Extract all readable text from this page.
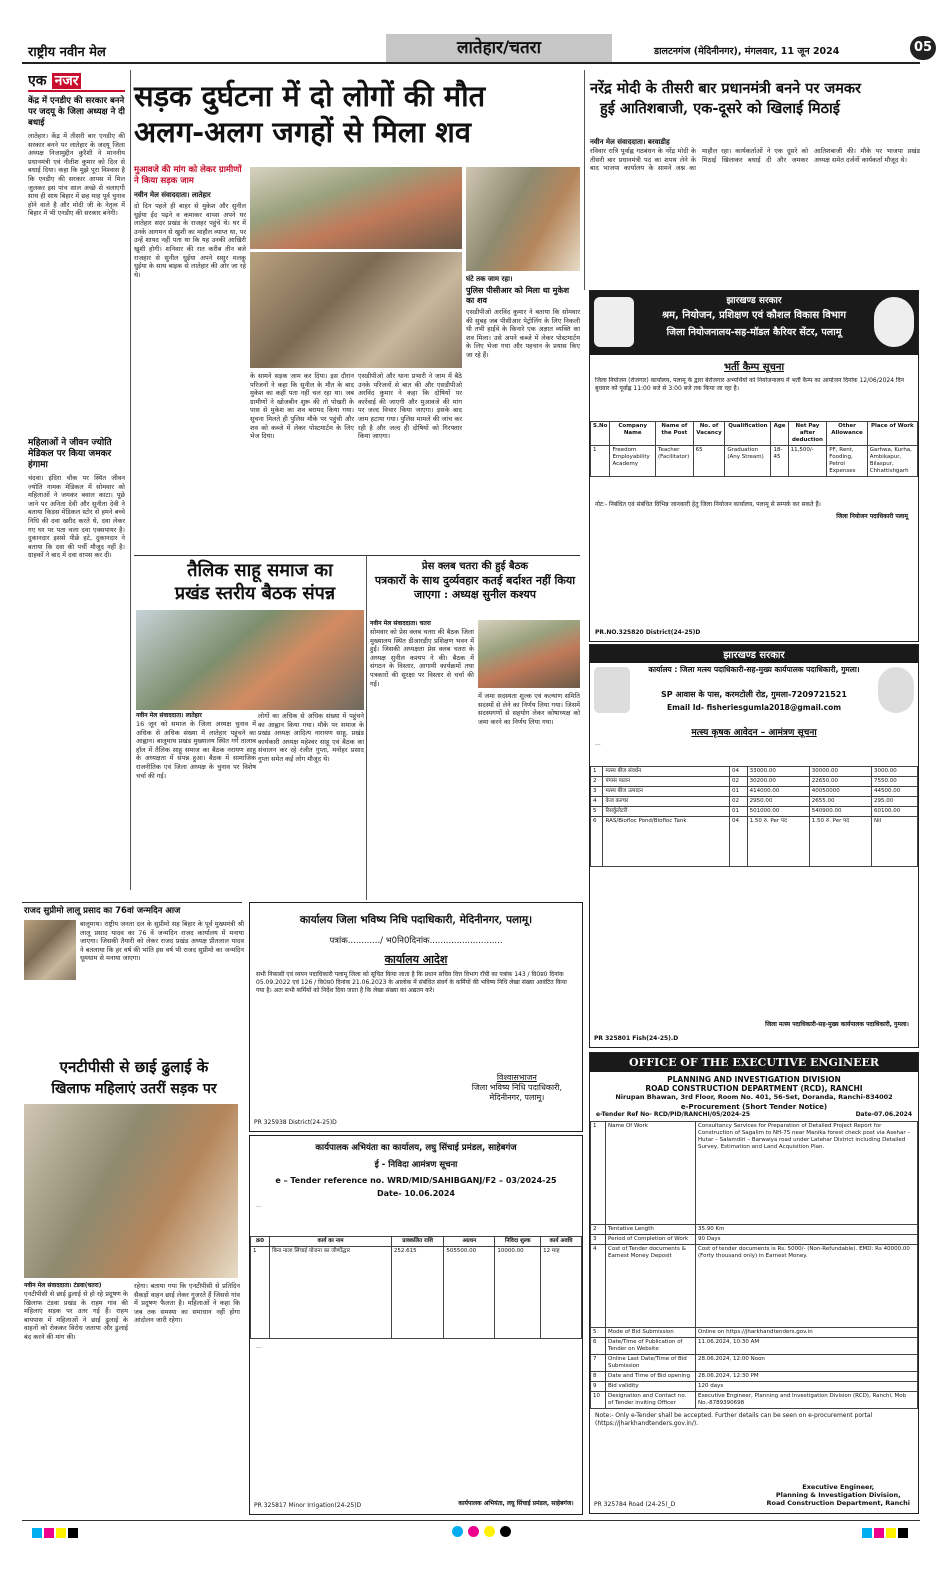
राष्ट्रीय नवीन मेल	लातेहार/चतरा	डालटनगंज (मेदिनीनगर), मंगलवार, 11 जून 2024	05
एक नजर
केंद्र में एनडीए की सरकार बनने पर जदयू के जिला अध्यक्ष ने दी बधाई
लातेहार। केंद्र में तीसरी बार एनडीए की सरकार बनने पर लातेहार के जदयू जिला अध्यक्ष निजामुद्दीन कुरैशी ने माननीय प्रधानमंत्री एवं नीतीश कुमार को दिल से बधाई दिया। कहा कि मुझे पूरा विश्वास है कि एनडीए की सरकार आपस में मिल जुलकर इस पांच साल अच्छे से चलाएगी साथ ही साथ बिहार में छह माह पूर्व चुनाव होने वाले है और मोदी जी के नेतृत्व में बिहार में भी एनडीए की सरकार बनेगी।
महिलाओं ने जीवन ज्योति मेडिकल पर किया जमकर हंगामा
चंदवा। इंदिरा चौक पर स्थित जीवन ज्योति नामक मेडिकल में सोमवार को महिलाओं ने जमकर बवाल काटा। पूछे जाने पर अनिता देवी और सुनीता देवी ने बताया किडस मेडिकल स्टोर से हमने बच्चे निधि की दवा खरीद करते थे, दवा लेकर गए घर पर पता चला दवा एक्सपायर है। दुकानदार इससे पीछे हटे, दुकानदार ने बताया कि दवा की पर्ची मौजूद नहीं है। ग्राहकों ने बाद में दवा वापस कर दी।
सड़क दुर्घटना में दो लोगों की मौत
अलग-अलग जगहों से मिला शव
मुआवजे की मांग को लेकर ग्रामीणों ने किया सड़क जाम
नवीन मेल संवाददाता। लातेहार
दो दिन पहले ही बाहर से मुकेश और सुनील धुईया ईद पढ़ने व कमाकर वापस अपने घर लातेहार सदर प्रखंड के राजहर पहुंचे थे। घर में उनके आगमन से खुशी का माहौल व्याप्त था, पर उन्हें शायद नहीं पता था कि यह उनकी आखिरी खुशी होगी। शनिवार की रात करीब तीन बजे राजहार से सुनील धुईया अपने ससुर मलकू धुईया के साथ बाइक से लातेहार की ओर जा रहे थे।
घंटे तक जाम रहा।
पुलिस पीसीआर को मिला था मुकेश का शव
एसडीपीओ अरविंद कुमार ने बताया कि सोमवार की सुबह जब पीसीआर पेट्रोलिंग के लिए निकली थी तभी हाईवे के किनारे एक अज्ञात व्यक्ति का शव मिला। उसे अपने कब्जे में लेकर पोस्टमार्टम के लिए भेजा गया और पहचान के प्रयास किए जा रहे हैं।
के सामने सड़क जाम कर दिया। इस दौरान परिजनों ने कहा कि सुनील के मौत के बाद मुकेश का कहीं पता नहीं चल रहा था। जब ग्रामीणों ने खोजबीन शुरू की तो पोखरी के पास से मुकेश का शव बरामद किया गया। सूचना मिलते ही पुलिस मौके पर पहुंची और शव को कब्जे में लेकर पोस्टमार्टम के लिए भेज दिया।
एसडीपीओ और थाना प्रभारी ने जाम में बैठे उनके परिजनों से बात की और एसडीपीओ अरविंद कुमार ने कहा कि दोषियों पर कार्रवाई की जाएगी और मुआवजे की मांग पर जल्द विचार किया जाएगा। इसके बाद जाम हटाया गया। पुलिस मामले की जांच कर रही है और जल्द ही दोषियों को गिरफ्तार किया जाएगा।
नरेंद्र मोदी के तीसरी बार प्रधानमंत्री बनने पर जमकर
हुई आतिशबाजी, एक-दूसरे को खिलाई मिठाई
नवीन मेल संवाददाता। बरवाडीह
रविवार रात्रि पूर्वाह्न गठबंधन के नरेंद्र मोदी के तीसरी बार प्रधानमंत्री पद का शपथ लेने के बाद भाजपा कार्यालय के सामने जश्न का माहौल रहा। कार्यकर्ताओं ने एक दूसरे को मिठाई खिलाकर बधाई दी और जमकर आतिशबाजी की। मौके पर भाजपा प्रखंड अध्यक्ष समेत दर्जनों कार्यकर्ता मौजूद थे।
झारखण्ड सरकार
श्रम, नियोजन, प्रशिक्षण एवं कौशल विकास विभाग
जिला नियोजनालय-सह-मॉडल कैरियर सेंटर, पलामू
भर्ती कैम्प सूचना
जिला नियोजन (रोजगार) कार्यालय, पलामू के द्वारा बेरोजगार अभ्यर्थियों को नियोजनालय में भर्ती कैम्प का आयोजन दिनांक 12/06/2024 दिन बुधवार को पूर्वाह्न 11:00 बजे से 3:00 बजे तक किया जा रहा है।
S.No	Company Name	Name of the Post	No. of Vacancy	Qualification	Age	Net Pay after deduction	Other Allowance	Place of Work
1	Freedom Employability Academy	Teacher (Facilitator)	65	Graduation (Any Stream)	18-45	11,500/-	PF, Rent, Fooding, Petrol Expenses	Garhwa, Kurha, Ambikapur, Bilaspur, Chhattishgarh
नोट:- निबंधित एवं संबंधित विभिन्न जानकारी हेतु जिला नियोजन कार्यालय, पलामू से सम्पर्क कर सकते हैं।
जिला नियोजन पदाधिकारी पलामू
PR.NO.325820 District(24-25)D
तैलिक साहू समाज का
प्रखंड स्तरीय बैठक संपन्न
नवीन मेल संवाददाता। लातेहार
16 जून को समाज के जिला अध्यक्ष चुनाव में अधिक से अधिक संख्या में लातेहार पहुंचने का आह्वान। बालूमाथ प्रखंड मुख्यालय स्थित गर्ग तालाब हॉल में तैलिक साहू समाज का बैठक नरायण साहू के अध्यक्षता में संपन्न हुआ। बैठक में सामाजिक राजनीतिक एवं जिला अध्यक्ष के चुनाव पर विशेष चर्चा की गई।
लोगों का अधिक से अधिक संख्या में पहुंचने का आह्वान किया गया। मौके पर समाज के प्रखंड अध्यक्ष आदित्य नारायण साहू, प्रखंड कार्यकारी अध्यक्ष महेश्वर साहू एवं बैठक का संचालन कर रहे रंजीत गुप्ता, मनोहर प्रसाद गुप्ता समेत कई लोग मौजूद थे।
प्रेस क्लब चतरा की हुई बैठक
पत्रकारों के साथ दुर्व्यवहार कतई बर्दाश्त नहीं किया जाएगा : अध्यक्ष सुनील कश्यप
नवीन मेल संवाददाता। चतरा
सोमवार को प्रेस क्लब चतरा की बैठक जिला मुख्यालय स्थित डीआरडीए प्रशिक्षण भवन में हुई। जिसकी अध्यक्षता प्रेस क्लब चतरा के अध्यक्ष सुनील कश्यप ने की। बैठक में संगठन के विस्तार, आगामी कार्यक्रमों तथा पत्रकारों की सुरक्षा पर विस्तार से चर्चा की गई।
में जमा सदस्यता शुल्क एवं कल्याण समिति सदस्यों से लेने का निर्णय लिया गया। जिसमें सदस्यगणों से सहयोग लेकर कोषाध्यक्ष को जमा करने का निर्णय लिया गया।
राजद सुप्रीमो लालू प्रसाद का 76वां जन्मदिन आज
बालूमाथ। राष्ट्रीय जनता दल के सुप्रीमो सह बिहार के पूर्व मुख्यमंत्री श्री लालू प्रसाद यादव का 76 वें जन्मदिन राजद कार्यालय में मनाया जाएगा। जिसकी तैयारी को लेकर राजद प्रखंड अध्यक्ष प्रीतलाल यादव ने बतलाया कि हर वर्ष की भांति इस वर्ष भी राजद सुप्रीमो का जन्मदिन धूमधाम से मनाया जाएगा।
एनटीपीसी से छाई ढुलाई के
खिलाफ महिलाएं उतरीं सड़क पर
नवीन मेल संवाददाता। टंडवा(चतरा)
एनटीपीसी से छाई ढुलाई से हो रहे प्रदूषण के खिलाफ टंडवा प्रखंड के राहम गांव की महिलाएं सड़क पर उतर गई हैं। राहम बायपास में महिलाओं ने छाई ढुलाई के वाहनों को रोककर विरोध जताया और ढुलाई बंद करने की मांग की।
रहेगा। बताया गया कि एनटीपीसी से प्रतिदिन सैकड़ों वाहन छाई लेकर गुजरते हैं जिससे गांव में प्रदूषण फैलता है। महिलाओं ने कहा कि जब तक समस्या का समाधान नहीं होगा आंदोलन जारी रहेगा।
कार्यालय जिला भविष्य निधि पदाधिकारी, मेदिनीनगर, पलामू।
पत्रांक............/ भ0नि0दिनांक...........................
कार्यालय आदेश
सभी निकासी एवं व्ययन पदाधिकारी पलामू जिला को सूचित किया जाता है कि प्रधान सचिव वित्त विभाग राँची का पत्रांक 143 / वि0प्र0 दिनांक 05.09.2022 एवं 126 / वि0प्र0 दिनांक 21.06.2023 के आलोक में संबंधित संवर्ग के कर्मियों की भविष्य निधि लेखा संख्या आवंटित किया गया है। अतः सभी कर्मियों को निर्देश दिया जाता है कि लेखा संख्या का अद्यतन करें।
विश्वासभाजन
जिला भविष्य निधि पदाधिकारी,
मेदिनीनगर, पलामू।
PR 325938 District(24-25)D
कार्यपालक अभियंता का कार्यालय, लघु सिंचाई प्रमंडल, साहेबगंज
ई - निविदा आमंत्रण सूचना
e – Tender reference no. WRD/MID/SAHIBGANJ/F2 – 03/2024-25
Date- 10.06.2024
...
क्र0	कार्य का नाम	प्राक्कलित राशि	अग्रधन	निविदा शुल्क	कार्य अवधि
1	बिना नाला सिंचाई योजना का जीर्णोद्धार	252.615	505500.00	10000.00	12 माह
...
कार्यपालक अभियंता, लघु सिंचाई प्रमंडल, साहेबगंज।
PR 325817 Minor Irrigation(24-25)D
झारखण्ड सरकार
कार्यालय : जिला मत्स्य पदाधिकारी-सह-मुख्य कार्यपालक पदाधिकारी, गुमला।
SP आवास के पास, करमटोली रोड, गुमला-7209721521
Email Id- fisheriesgumla2018@gmail.com
मत्स्य कृषक आवेदन – आमंत्रण सूचना
...
1	मत्स्य बीज संवर्धन	04	33000.00	30000.00	3000.00
2	पंगास पालन	02	30200.00	22650.00	7550.00
3	मत्स्य बीज उत्पादन	01	414000.00	40050000	44500.00
4	केज कल्चर	02	2950.00	2655.00	295.00
5	रिसर्कुलेटरी	01	501000.00	540900.00	60100.00
6	RAS/Biofloc Pond/Biofloc Tank	04	1.50 रु. Per पद	1.50 रु. Per पद	Nil
जिला मत्स्य पदाधिकारी-सह-मुख्य कार्यपालक पदाधिकारी, गुमला।
PR 325801 Fish(24-25).D
OFFICE OF THE EXECUTIVE ENGINEER
PLANNING AND INVESTIGATION DIVISION
ROAD CONSTRUCTION DEPARTMENT (RCD), RANCHI
Nirupan Bhawan, 3rd Floor, Room No. 401, 56-Set, Doranda, Ranchi-834002
e-Procurement (Short Tender Notice)
e-Tender Ref No- RCD/PID/RANCHI/05/2024-25	Date-07.06.2024
1	Name Of Work	Consultancy Services for Preparation of Detailed Project Report for Construction of Sagalim to NH-75 near Manika forest check post via Asehar – Hutar – Salamdiri – Barwaiya road under Latehar District including Detailed Survey, Estimation and Land Acquisition Plan.
2	Tentative Length	35.90 Km
3	Period of Completion of Work	90 Days
4	Cost of Tender documents & Earnest Money Deposit	Cost of tender documents is Rs. 5000/- (Non-Refundable). EMD: Rs 40000.00 (Forty thousand only) in Earnest Money.
5	Mode of Bid Submission	Online on https://jharkhandtenders.gov.in
6	Date/Time of Publication of Tender on Website	11.06.2024, 10:30 AM
7	Online Last Date/Time of Bid Submission	28.06.2024, 12:00 Noon
8	Date and Time of Bid opening	28.06.2024, 12:30 PM
9	Bid validity	120 days
10	Designation and Contact no. of Tender inviting Officer	Executive Engineer, Planning and Investigation Division (RCD), Ranchi, Mob No.-8789390698
Note:- Only e-Tender shall be accepted. Further details can be seen on e-procurement portal (https://jharkhandtenders.gov.in/).
Executive Engineer,
Planning & Investigation Division,
Road Construction Department, Ranchi
PR 325784 Road (24-25)_D
